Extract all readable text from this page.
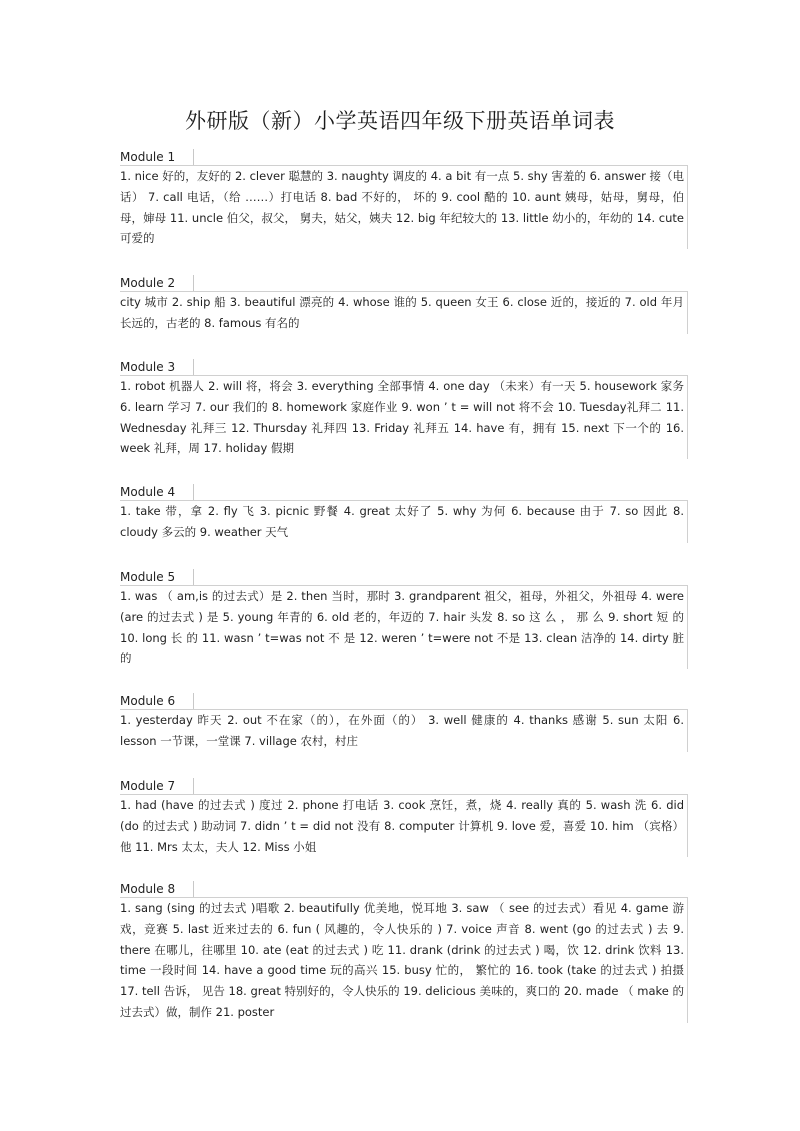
外研版（新）小学英语四年级下册英语单词表
Module 1
1. nice 好的，友好的 2. clever 聪慧的 3. naughty 调皮的 4. a bit 有一点 5. shy 害羞的 6. answer 接（电话） 7. call 电话，（给 ……）打电话 8. bad 不好的， 坏的 9. cool 酷的 10. aunt 姨母，姑母，舅母，伯母，婶母 11. uncle 伯父，叔父， 舅夫，姑父，姨夫 12. big 年纪较大的 13. little 幼小的，年幼的 14. cute 可爱的
Module 2
city 城市 2. ship 船 3. beautiful 漂亮的 4. whose 谁的 5. queen 女王 6. close 近的，接近的 7. old 年月长远的，古老的 8. famous 有名的
Module 3
1. robot 机器人 2. will 将，将会 3. everything 全部事情 4. one day （未来）有一天 5. housework 家务 6. learn 学习 7. our 我们的 8. homework 家庭作业 9. won ’ t = will not 将不会 10. Tuesday礼拜二 11. Wednesday 礼拜三 12. Thursday 礼拜四 13. Friday 礼拜五 14. have 有，拥有 15. next 下一个的 16. week 礼拜，周 17. holiday 假期
Module 4
1. take 带，拿 2. fly 飞 3. picnic 野餐 4. great 太好了 5. why 为何 6. because 由于 7. so 因此 8. cloudy 多云的 9. weather 天气
Module 5
1. was （ am,is 的过去式）是 2. then 当时，那时 3. grandparent 祖父，祖母，外祖父，外祖母 4. were (are 的过去式 ) 是 5. young 年青的 6. old 老的，年迈的 7. hair 头发 8. so 这 么 ， 那 么 9. short 短 的 10. long 长 的 11. wasn ’ t=was not 不 是 12. weren ’ t=were not 不是 13. clean 洁净的 14. dirty 脏的
Module 6
1. yesterday 昨天 2. out 不在家（的），在外面（的） 3. well 健康的 4. thanks 感谢 5. sun 太阳 6. lesson 一节课，一堂课 7. village 农村，村庄
Module 7
1. had (have 的过去式 ) 度过 2. phone 打电话 3. cook 烹饪，煮，烧 4. really 真的 5. wash 洗 6. did (do 的过去式 ) 助动词 7. didn ’ t = did not 没有 8. computer 计算机 9. love 爱，喜爱 10. him （宾格）他 11. Mrs 太太，夫人 12. Miss 小姐
Module 8
1. sang (sing 的过去式 )唱歌 2. beautifully 优美地，悦耳地 3. saw （ see 的过去式）看见 4. game 游戏，竞赛 5. last 近来过去的 6. fun ( 风趣的，令人快乐的 ) 7. voice 声音 8. went (go 的过去式 ) 去 9. there 在哪儿，往哪里 10. ate (eat 的过去式 ) 吃 11. drank (drink 的过去式 ) 喝，饮 12. drink 饮料 13. time 一段时间 14. have a good time 玩的高兴 15. busy 忙的， 繁忙的 16. took (take 的过去式 ) 拍摄 17. tell 告诉， 见告 18. great 特别好的，令人快乐的 19. delicious 美味的，爽口的 20. made （ make 的过去式）做，制作 21. poster
